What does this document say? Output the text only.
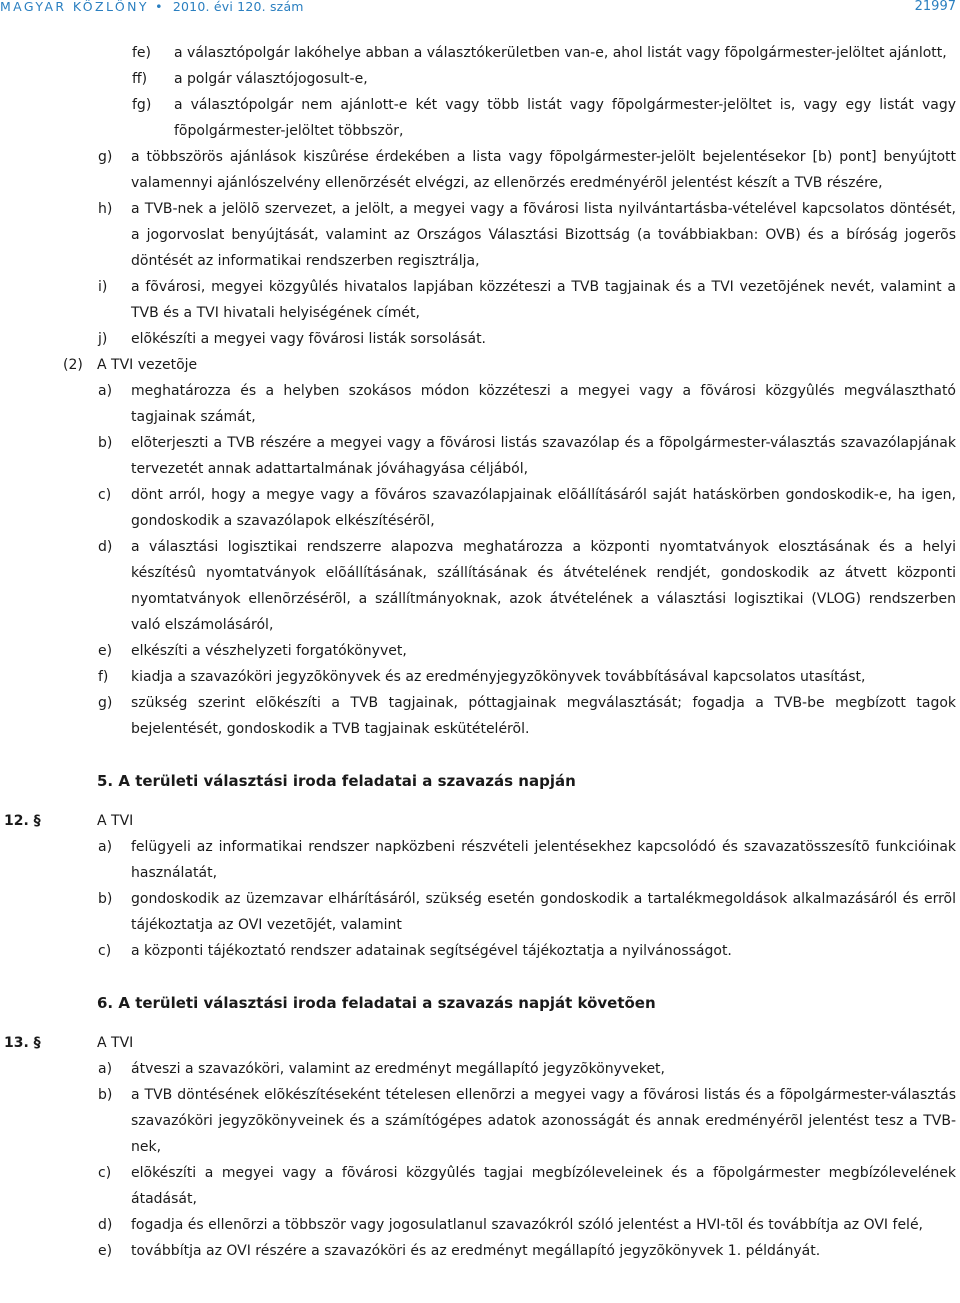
MAGYAR KÖZLÖNY • 2010. évi 120. szám	21997
fe) a választópolgár lakóhelye abban a választókerületben van-e, ahol listát vagy fõpolgármester-jelöltet ajánlott,
ff) a polgár választójogosult-e,
fg) a választópolgár nem ajánlott-e két vagy több listát vagy fõpolgármester-jelöltet is, vagy egy listát vagy fõpolgármester-jelöltet többször,
g) a többszörös ajánlások kiszûrése érdekében a lista vagy fõpolgármester-jelölt bejelentésekor [b) pont] benyújtott valamennyi ajánlószelvény ellenõrzését elvégzi, az ellenõrzés eredményérõl jelentést készít a TVB részére,
h) a TVB-nek a jelölõ szervezet, a jelölt, a megyei vagy a fõvárosi lista nyilvántartásba-vételével kapcsolatos döntését, a jogorvoslat benyújtását, valamint az Országos Választási Bizottság (a továbbiakban: OVB) és a bíróság jogerõs döntését az informatikai rendszerben regisztrálja,
i) a fõvárosi, megyei közgyûlés hivatalos lapjában közzéteszi a TVB tagjainak és a TVI vezetõjének nevét, valamint a TVB és a TVI hivatali helyiségének címét,
j) elõkészíti a megyei vagy fõvárosi listák sorsolását.
(2) A TVI vezetõje
a) meghatározza és a helyben szokásos módon közzéteszi a megyei vagy a fõvárosi közgyûlés megválasztható tagjainak számát,
b) elõterjeszti a TVB részére a megyei vagy a fõvárosi listás szavazólap és a fõpolgármester-választás szavazólapjának tervezetét annak adattartalmának jóváhagyása céljából,
c) dönt arról, hogy a megye vagy a fõváros szavazólapjainak elõállításáról saját hatáskörben gondoskodik-e, ha igen, gondoskodik a szavazólapok elkészítésérõl,
d) a választási logisztikai rendszerre alapozva meghatározza a központi nyomtatványok elosztásának és a helyi készítésû nyomtatványok elõállításának, szállításának és átvételének rendjét, gondoskodik az átvett központi nyomtatványok ellenõrzésérõl, a szállítmányoknak, azok átvételének a választási logisztikai (VLOG) rendszerben való elszámolásáról,
e) elkészíti a vészhelyzeti forgatókönyvet,
f) kiadja a szavazóköri jegyzõkönyvek és az eredményjegyzõkönyvek továbbításával kapcsolatos utasítást,
g) szükség szerint elõkészíti a TVB tagjainak, póttagjainak megválasztását; fogadja a TVB-be megbízott tagok bejelentését, gondoskodik a TVB tagjainak eskütételérõl.
5. A területi választási iroda feladatai a szavazás napján
12. §	A TVI
a) felügyeli az informatikai rendszer napközbeni részvételi jelentésekhez kapcsolódó és szavazatösszesítõ funkcióinak használatát,
b) gondoskodik az üzemzavar elhárításáról, szükség esetén gondoskodik a tartalékmegoldások alkalmazásáról és errõl tájékoztatja az OVI vezetõjét, valamint
c) a központi tájékoztató rendszer adatainak segítségével tájékoztatja a nyilvánosságot.
6. A területi választási iroda feladatai a szavazás napját követõen
13. §	A TVI
a) átveszi a szavazóköri, valamint az eredményt megállapító jegyzõkönyveket,
b) a TVB döntésének elõkészítéseként tételesen ellenõrzi a megyei vagy a fõvárosi listás és a fõpolgármester-választás szavazóköri jegyzõkönyveinek és a számítógépes adatok azonosságát és annak eredményérõl jelentést tesz a TVB-nek,
c) elõkészíti a megyei vagy a fõvárosi közgyûlés tagjai megbízóleveleinek és a fõpolgármester megbízólevelének átadását,
d) fogadja és ellenõrzi a többször vagy jogosulatlanul szavazókról szóló jelentést a HVI-tõl és továbbítja az OVI felé,
e) továbbítja az OVI részére a szavazóköri és az eredményt megállapító jegyzõkönyvek 1. példányát.
